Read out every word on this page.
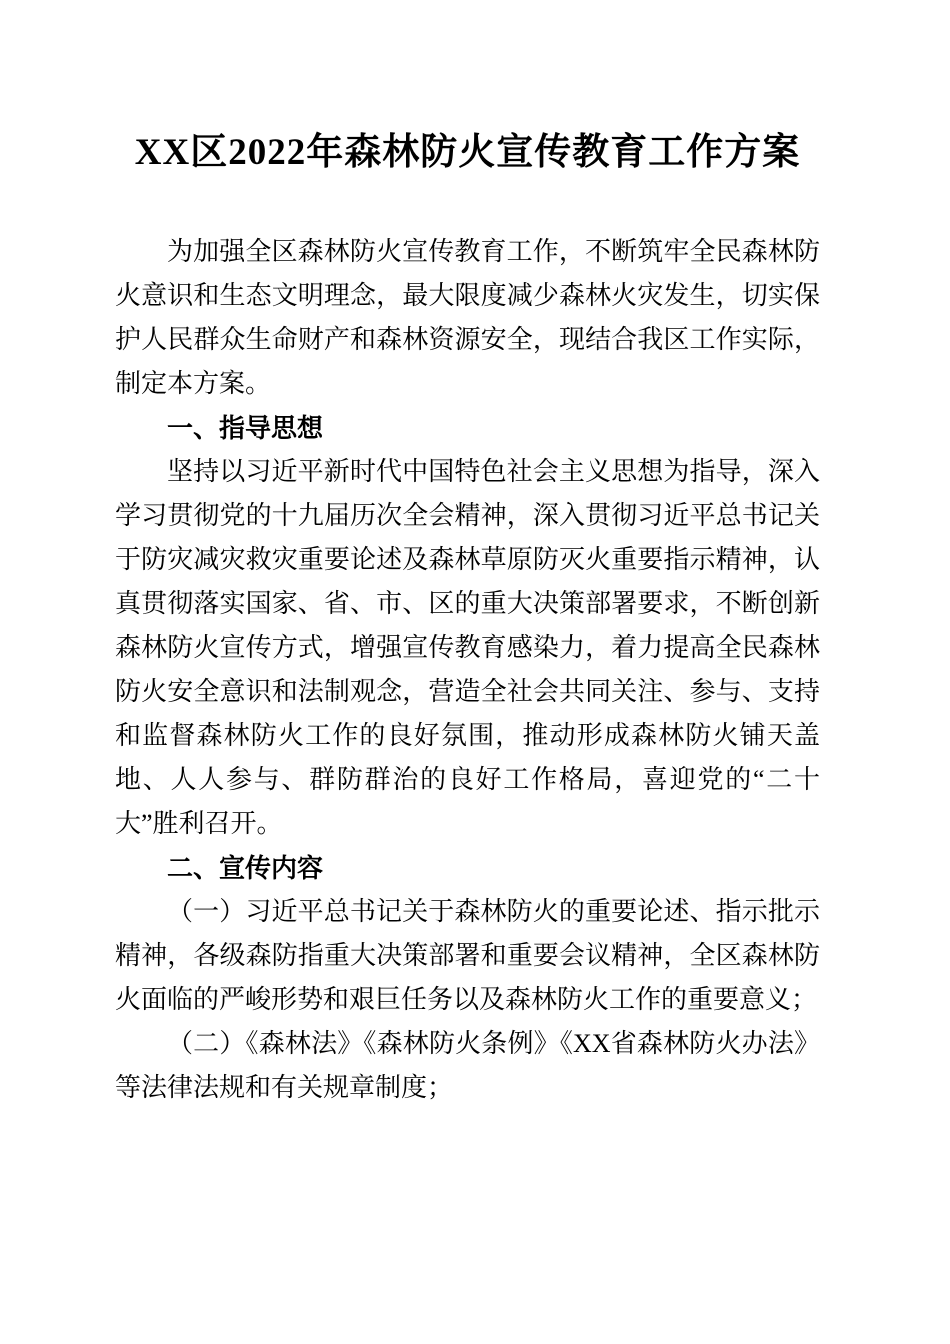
XX区2022年森林防火宣传教育工作方案

为加强全区森林防火宣传教育工作，不断筑牢全民森林防火意识和生态文明理念，最大限度减少森林火灾发生，切实保护人民群众生命财产和森林资源安全，现结合我区工作实际，制定本方案。

一、指导思想

坚持以习近平新时代中国特色社会主义思想为指导，深入学习贯彻党的十九届历次全会精神，深入贯彻习近平总书记关于防灾减灾救灾重要论述及森林草原防灭火重要指示精神，认真贯彻落实国家、省、市、区的重大决策部署要求，不断创新森林防火宣传方式，增强宣传教育感染力，着力提高全民森林防火安全意识和法制观念，营造全社会共同关注、参与、支持和监督森林防火工作的良好氛围，推动形成森林防火铺天盖地、人人参与、群防群治的良好工作格局，喜迎党的“二十大”胜利召开。

二、宣传内容

（一）习近平总书记关于森林防火的重要论述、指示批示精神，各级森防指重大决策部署和重要会议精神，全区森林防火面临的严峻形势和艰巨任务以及森林防火工作的重要意义；

（二）《森林法》《森林防火条例》《XX省森林防火办法》等法律法规和有关规章制度；
